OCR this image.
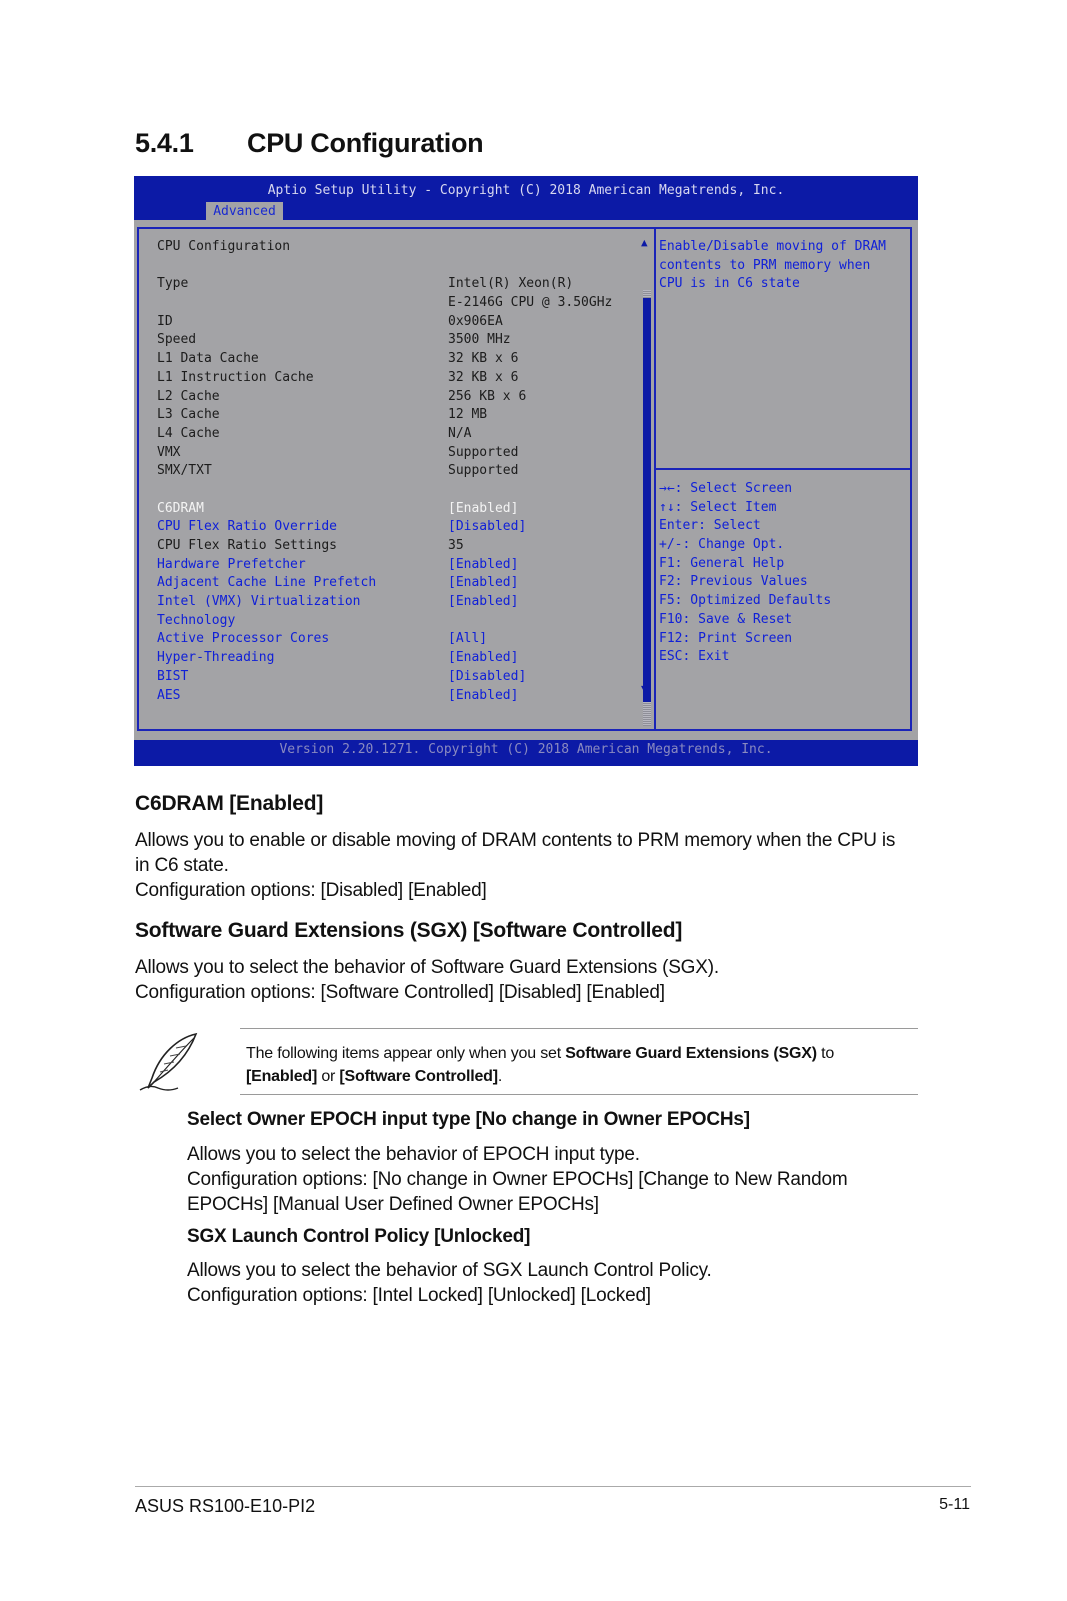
5.4.1 CPU Configuration
Aptio Setup Utility - Copyright (C) 2018 American Megatrends, Inc.
Advanced
CPU Configuration
Type	Intel(R) Xeon(R)
E-2146G CPU @ 3.50GHz
ID	0x906EA
Speed	3500 MHz
L1 Data Cache	32 KB x 6
L1 Instruction Cache	32 KB x 6
L2 Cache	256 KB x 6
L3 Cache	12 MB
L4 Cache	N/A
VMX	Supported
SMX/TXT	Supported
C6DRAM	[Enabled]
CPU Flex Ratio Override	[Disabled]
CPU Flex Ratio Settings	35
Hardware Prefetcher	[Enabled]
Adjacent Cache Line Prefetch	[Enabled]
Intel (VMX) Virtualization	[Enabled]
Technology
Active Processor Cores	[All]
Hyper-Threading	[Enabled]
BIST	[Disabled]
AES	[Enabled]
▲
▼
Enable/Disable moving of DRAM
contents to PRM memory when
CPU is in C6 state
→←: Select Screen
↑↓: Select Item
Enter: Select
+/-: Change Opt.
F1: General Help
F2: Previous Values
F5: Optimized Defaults
F10: Save & Reset
F12: Print Screen
ESC: Exit
Version 2.20.1271. Copyright (C) 2018 American Megatrends, Inc.
C6DRAM [Enabled]

Allows you to enable or disable moving of DRAM contents to PRM memory when the CPU is
in C6 state.
Configuration options: [Disabled] [Enabled]

Software Guard Extensions (SGX) [Software Controlled]

Allows you to select the behavior of Software Guard Extensions (SGX).
Configuration options: [Software Controlled] [Disabled] [Enabled]

The following items appear only when you set Software Guard Extensions (SGX) to
[Enabled] or [Software Controlled].
Select Owner EPOCH input type [No change in Owner EPOCHs]

Allows you to select the behavior of EPOCH input type.
Configuration options: [No change in Owner EPOCHs] [Change to New Random
EPOCHs] [Manual User Defined Owner EPOCHs]

SGX Launch Control Policy [Unlocked]

Allows you to select the behavior of SGX Launch Control Policy.
Configuration options: [Intel Locked] [Unlocked] [Locked]

ASUS RS100-E10-PI2	5-11
